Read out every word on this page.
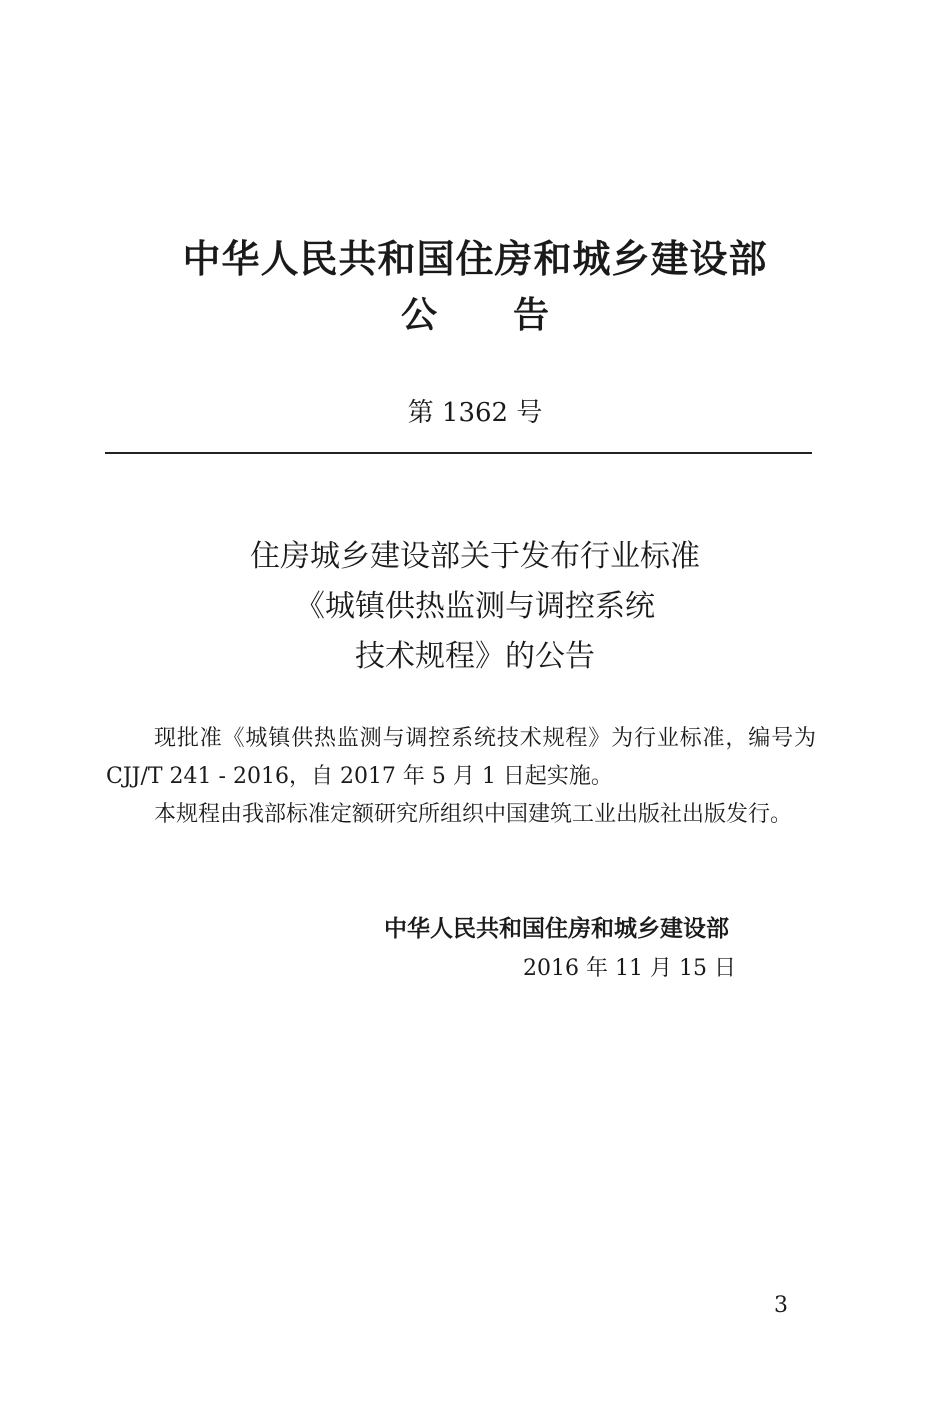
中华人民共和国住房和城乡建设部
公告
第 1362 号
住房城乡建设部关于发布行业标准
《城镇供热监测与调控系统
技术规程》的公告

现批准《城镇供热监测与调控系统技术规程》为行业标准，编号为 CJJ/T 241 - 2016，自 2017 年 5 月 1 日起实施。

本规程由我部标准定额研究所组织中国建筑工业出版社出版发行。

中华人民共和国住房和城乡建设部
2016 年 11 月 15 日
3
